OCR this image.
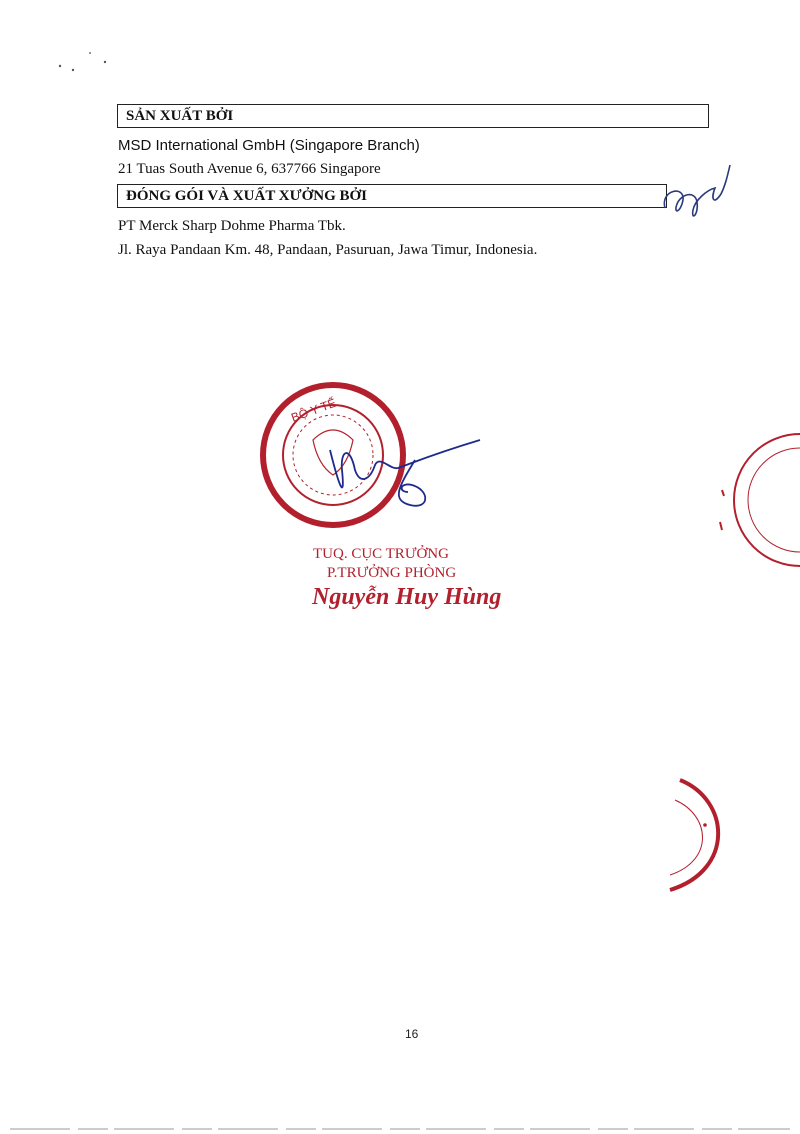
SẢN XUẤT BỞI
MSD International GmbH (Singapore Branch)
21 Tuas South Avenue 6, 637766 Singapore
ĐÓNG GÓI VÀ XUẤT XƯỞNG BỞI
PT Merck Sharp Dohme Pharma Tbk.
Jl. Raya Pandaan Km. 48, Pandaan, Pasuruan, Jawa Timur, Indonesia.
BỘ Y TẾ
TUQ. CỤC TRƯỞNG
P.TRƯỞNG PHÒNG
Nguyễn Huy Hùng
16
